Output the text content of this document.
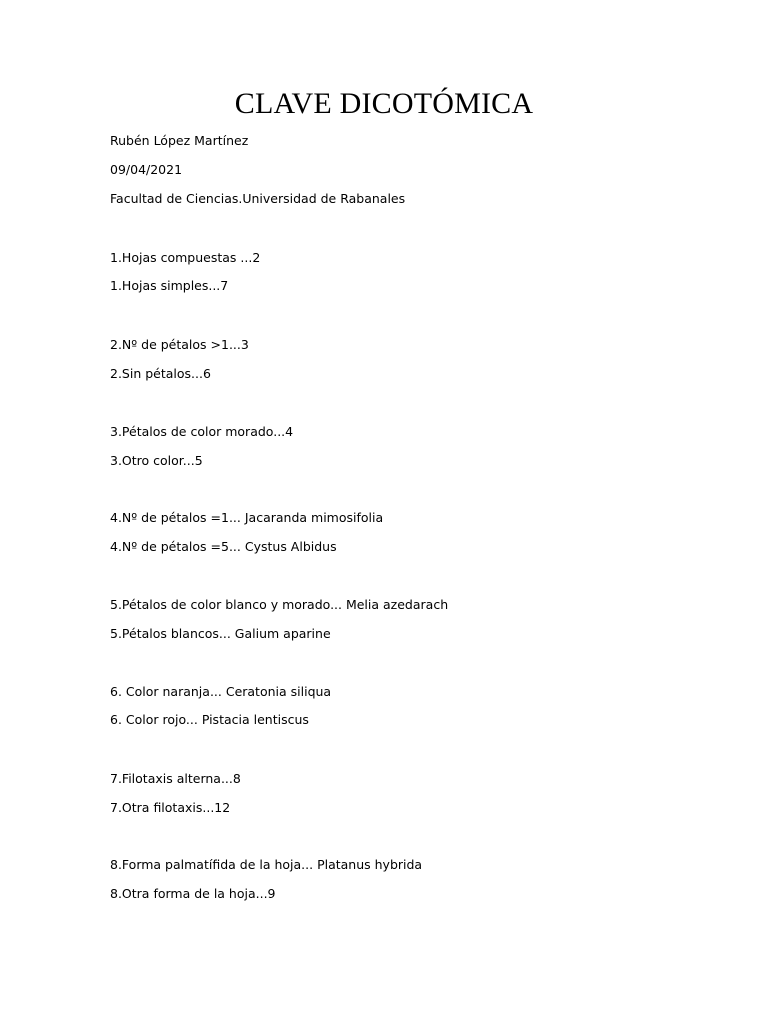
CLAVE DICOTÓMICA

Rubén López Martínez

09/04/2021

Facultad de Ciencias.Universidad de Rabanales

1.Hojas compuestas ...2

1.Hojas simples...7

2.Nº de pétalos >1...3

2.Sin pétalos...6

3.Pétalos de color morado...4

3.Otro color...5

4.Nº de pétalos =1... Jacaranda mimosifolia

4.Nº de pétalos =5... Cystus Albidus

5.Pétalos de color blanco y morado... Melia azedarach

5.Pétalos blancos... Galium aparine

6. Color naranja... Ceratonia siliqua

6. Color rojo... Pistacia lentiscus

7.Filotaxis alterna...8

7.Otra filotaxis...12

8.Forma palmatífida de la hoja... Platanus hybrida

8.Otra forma de la hoja...9
